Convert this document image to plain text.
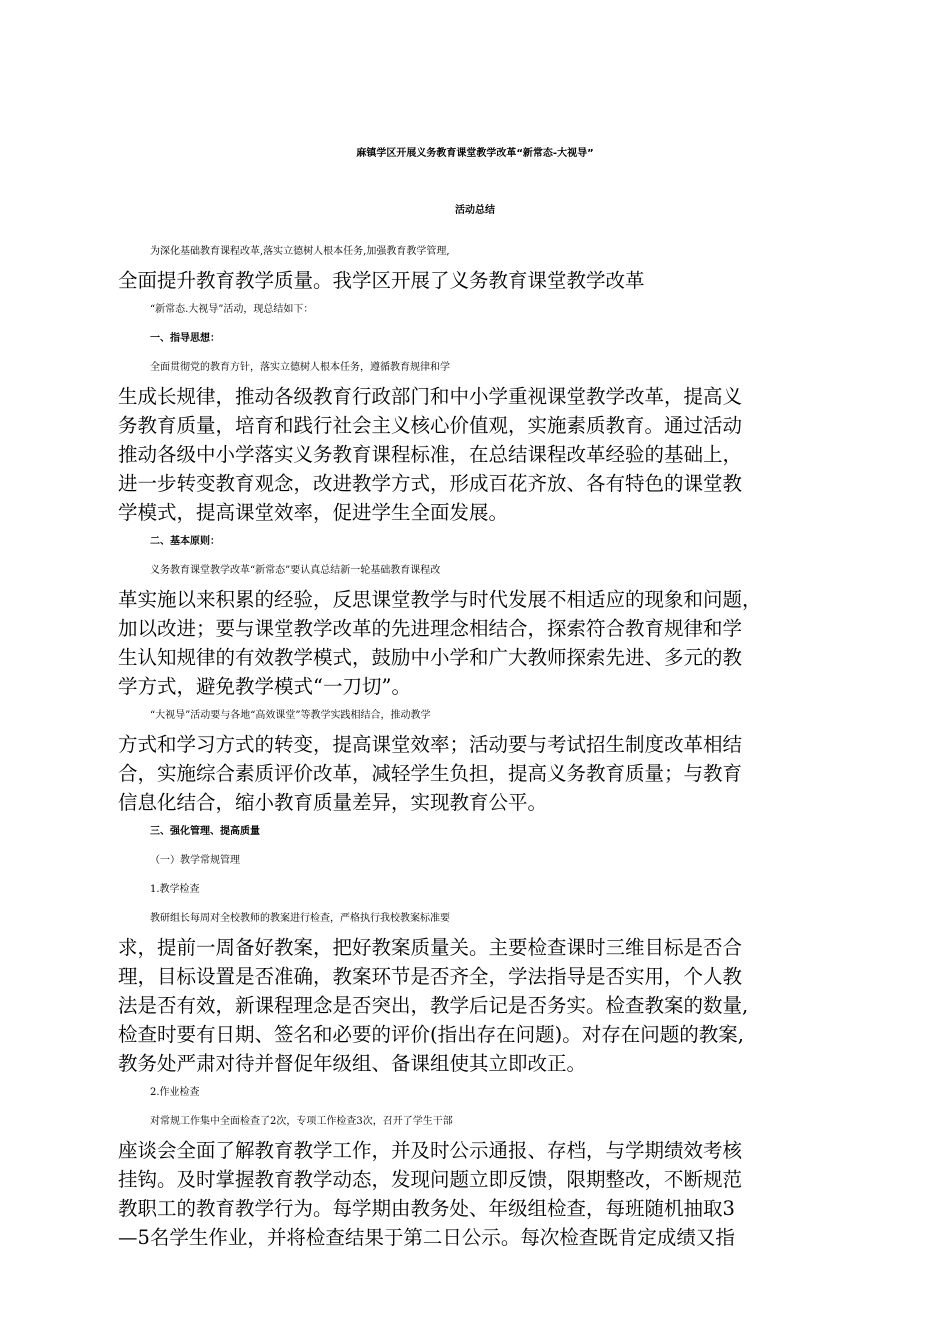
麻镇学区开展义务教育课堂教学改革“新常态-大视导”
活动总结
为深化基础教育课程改革,落实立德树人根本任务,加强教育教学管理,
全面提升教育教学质量。我学区开展了义务教育课堂教学改革
“新常态.大视导”活动，现总结如下：
一、指导思想：
全面贯彻党的教育方针，落实立德树人根本任务，遵循教育规律和学
生成长规律，推动各级教育行政部门和中小学重视课堂教学改革，提高义
务教育质量，培育和践行社会主义核心价值观，实施素质教育。通过活动
推动各级中小学落实义务教育课程标准，在总结课程改革经验的基础上，
进一步转变教育观念，改进教学方式，形成百花齐放、各有特色的课堂教
学模式，提高课堂效率，促进学生全面发展。
二、基本原则：
义务教育课堂教学改革“新常态”要认真总结新一轮基础教育课程改
革实施以来积累的经验，反思课堂教学与时代发展不相适应的现象和问题，
加以改进；要与课堂教学改革的先进理念相结合，探索符合教育规律和学
生认知规律的有效教学模式，鼓励中小学和广大教师探索先进、多元的教
学方式，避免教学模式“一刀切”。
“大视导”活动要与各地“高效课堂”等教学实践相结合，推动教学
方式和学习方式的转变，提高课堂效率；活动要与考试招生制度改革相结
合，实施综合素质评价改革，减轻学生负担，提高义务教育质量；与教育
信息化结合，缩小教育质量差异，实现教育公平。
三、强化管理、提高质量
（一）教学常规管理
1.教学检查
教研组长每周对全校教师的教案进行检查，严格执行我校教案标准要
求，提前一周备好教案，把好教案质量关。主要检查课时三维目标是否合
理，目标设置是否准确，教案环节是否齐全，学法指导是否实用，个人教
法是否有效，新课程理念是否突出，教学后记是否务实。检查教案的数量,
检查时要有日期、签名和必要的评价(指出存在问题)。对存在问题的教案,
教务处严肃对待并督促年级组、备课组使其立即改正。
2.作业检查
对常规工作集中全面检查了2次，专项工作检查3次，召开了学生干部
座谈会全面了解教育教学工作，并及时公示通报、存档，与学期绩效考核
挂钩。及时掌握教育教学动态，发现问题立即反馈，限期整改，不断规范
教职工的教育教学行为。每学期由教务处、年级组检查，每班随机抽取3
—5名学生作业，并将检查结果于第二日公示。每次检查既肯定成绩又指
